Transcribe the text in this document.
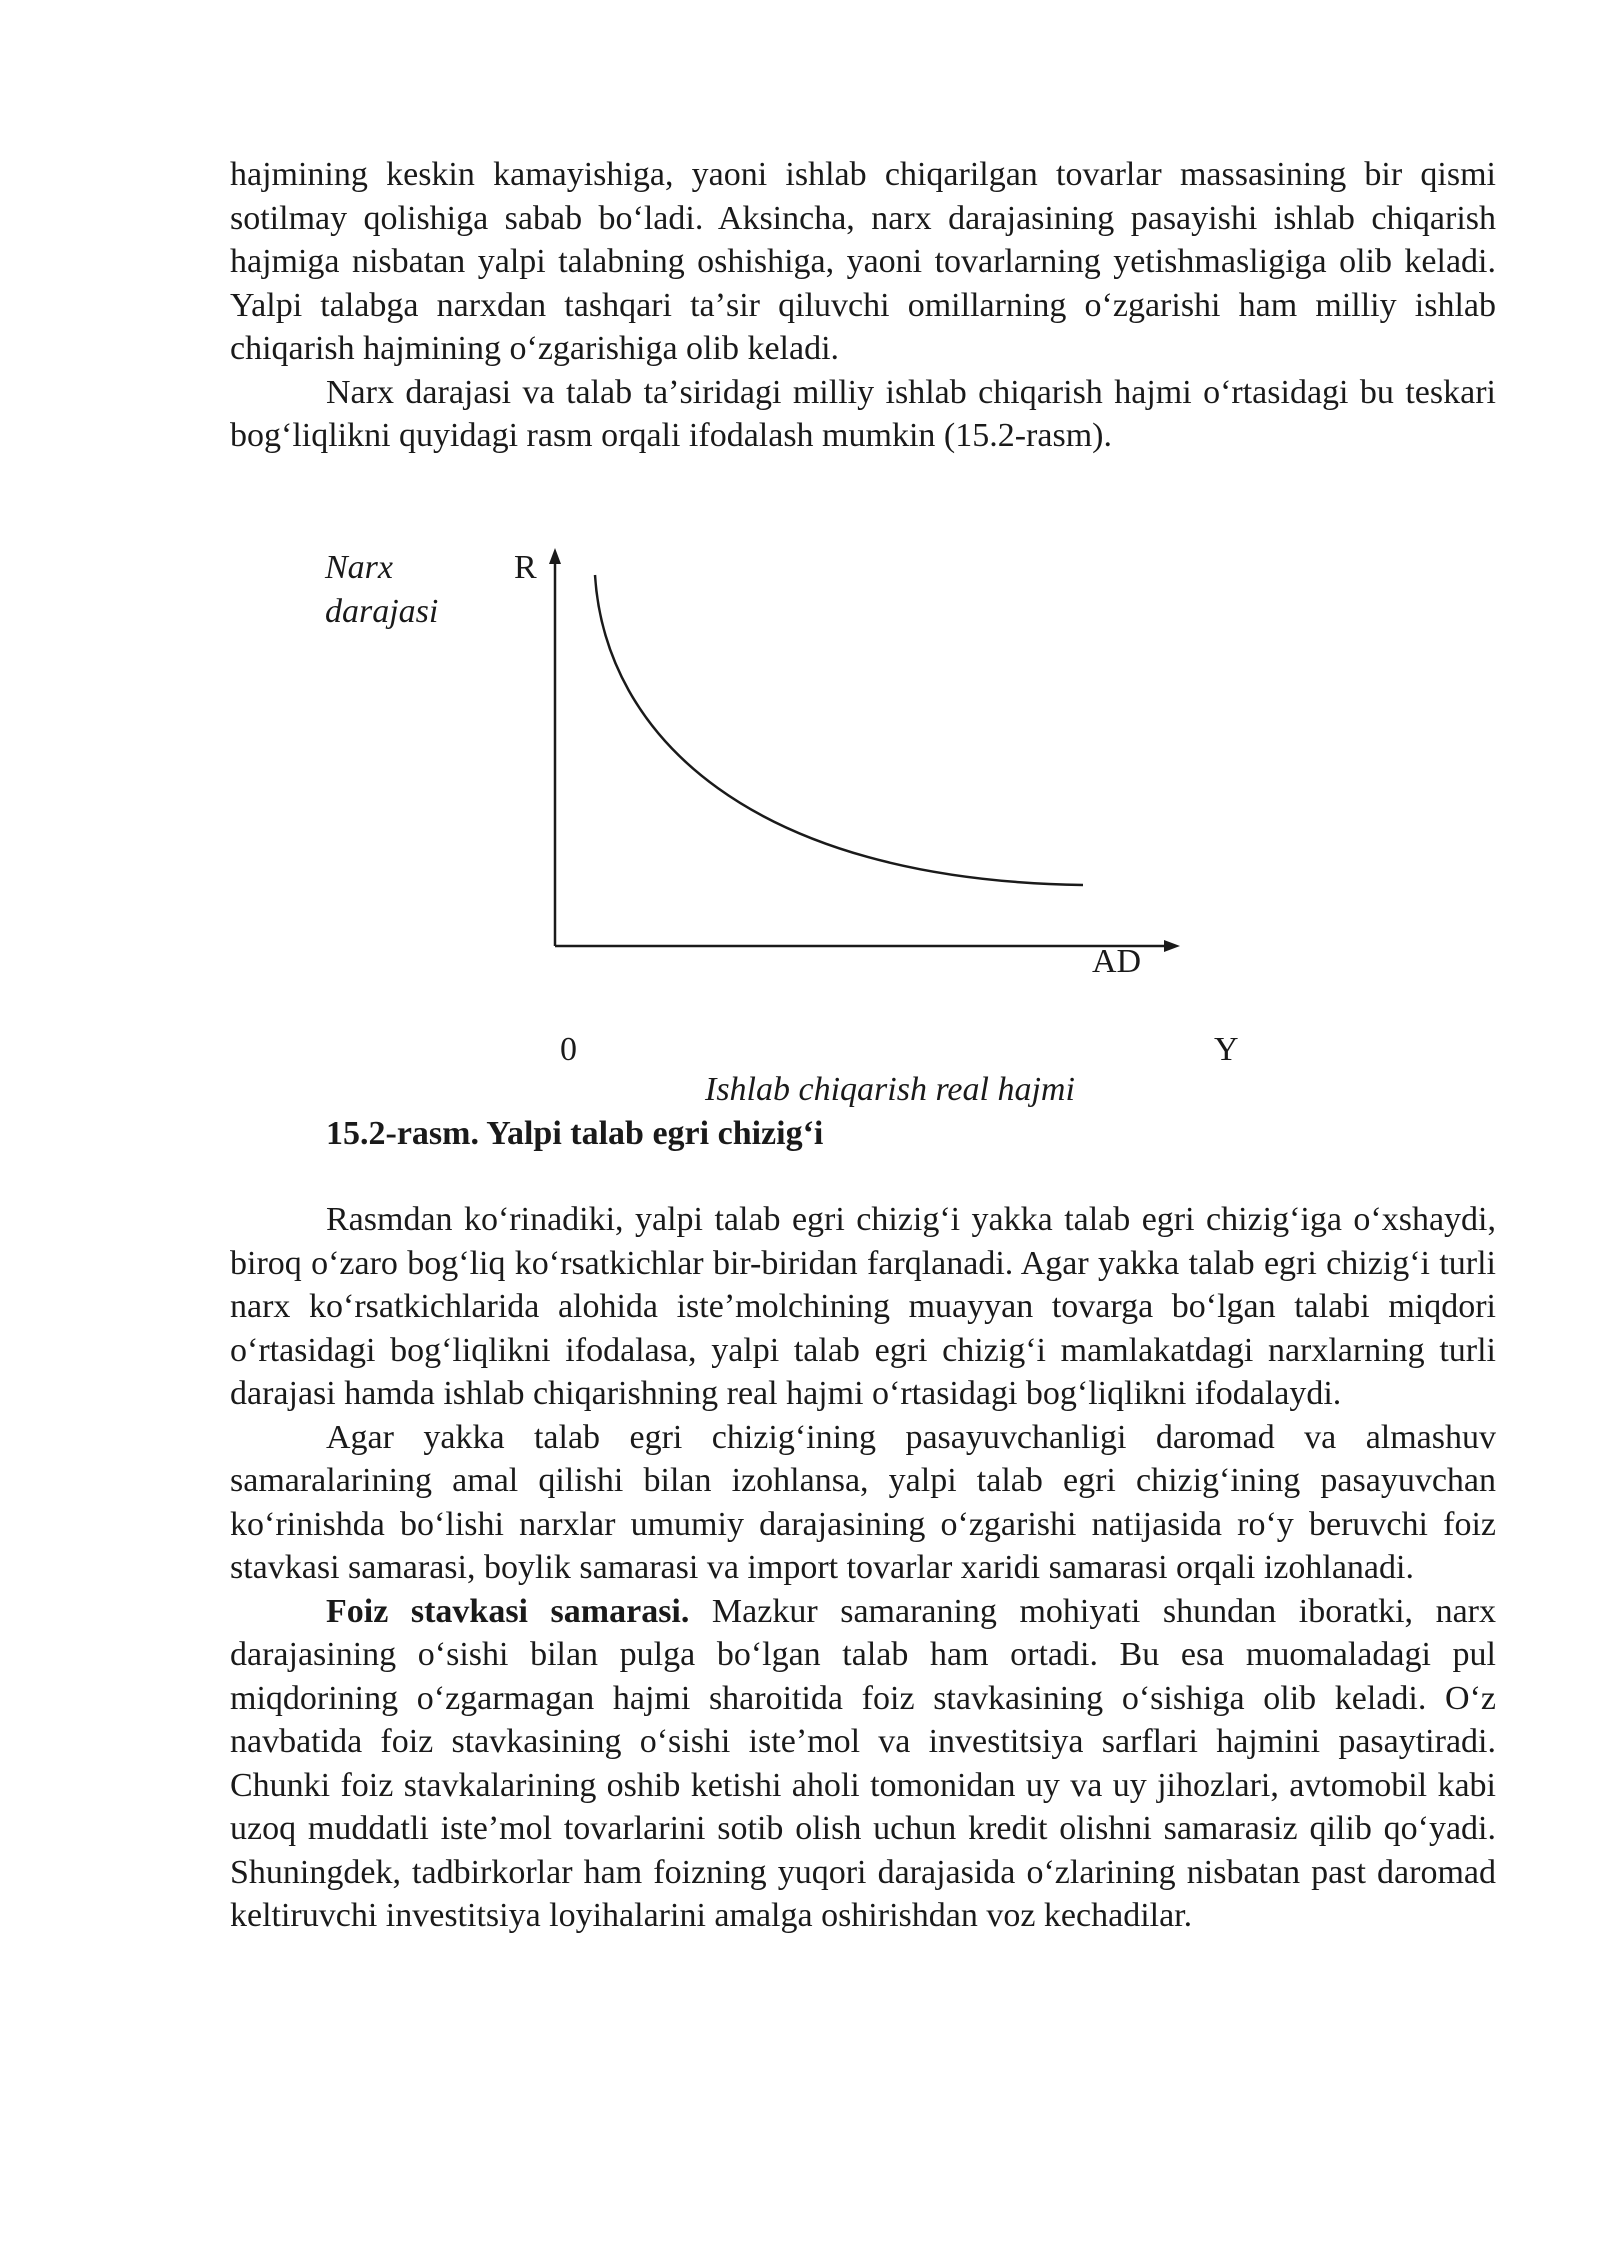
hajmining keskin kamayishiga, yaoni ishlab chiqarilgan tovarlar massasining bir qismi sotilmay qolishiga sabab boʻladi. Aksincha, narx darajasining pasayishi ishlab chiqarish hajmiga nisbatan yalpi talabning oshishiga, yaoni tovarlarning yetishmasligiga olib keladi. Yalpi talabga narxdan tashqari taʼsir qiluvchi omillarning oʻzgarishi ham milliy ishlab chiqarish hajmining oʻzgarishiga olib keladi.

Narx darajasi va talab taʼsiridagi milliy ishlab chiqarish hajmi oʻrtasidagi bu teskari bogʻliqlikni quyidagi rasm orqali ifodalash mumkin (15.2-rasm).

Narx
darajasi
R
AD
0	Y
Ishlab chiqarish real hajmi
15.2-rasm. Yalpi talab egri chizigʻi

Rasmdan koʻrinadiki, yalpi talab egri chizigʻi yakka talab egri chizigʻiga oʻxshaydi, biroq oʻzaro bogʻliq koʻrsatkichlar bir-biridan farqlanadi. Agar yakka talab egri chizigʻi turli narx koʻrsatkichlarida alohida isteʼmolchining muayyan tovarga boʻlgan talabi miqdori oʻrtasidagi bogʻliqlikni ifodalasa, yalpi talab egri chizigʻi mamlakatdagi narxlarning turli darajasi hamda ishlab chiqarishning real hajmi oʻrtasidagi bogʻliqlikni ifodalaydi.

Agar yakka talab egri chizigʻining pasayuvchanligi daromad va almashuv samaralarining amal qilishi bilan izohlansa, yalpi talab egri chizigʻining pasayuvchan koʻrinishda boʻlishi narxlar umumiy darajasining oʻzgarishi natijasida roʻy beruvchi foiz stavkasi samarasi, boylik samarasi va import tovarlar xaridi samarasi orqali izohlanadi.

Foiz stavkasi samarasi. Mazkur samaraning mohiyati shundan iboratki, narx darajasining oʻsishi bilan pulga boʻlgan talab ham ortadi. Bu esa muomaladagi pul miqdorining oʻzgarmagan hajmi sharoitida foiz stavkasining oʻsishiga olib keladi. Oʻz navbatida foiz stavkasining oʻsishi isteʼmol va investitsiya sarflari hajmini pasaytiradi. Chunki foiz stavkalarining oshib ketishi aholi tomonidan uy va uy jihozlari, avtomobil kabi uzoq muddatli isteʼmol tovarlarini sotib olish uchun kredit olishni samarasiz qilib qoʻyadi. Shuningdek, tadbirkorlar ham foizning yuqori darajasida oʻzlarining nisbatan past daromad keltiruvchi investitsiya loyihalarini amalga oshirishdan voz kechadilar.
